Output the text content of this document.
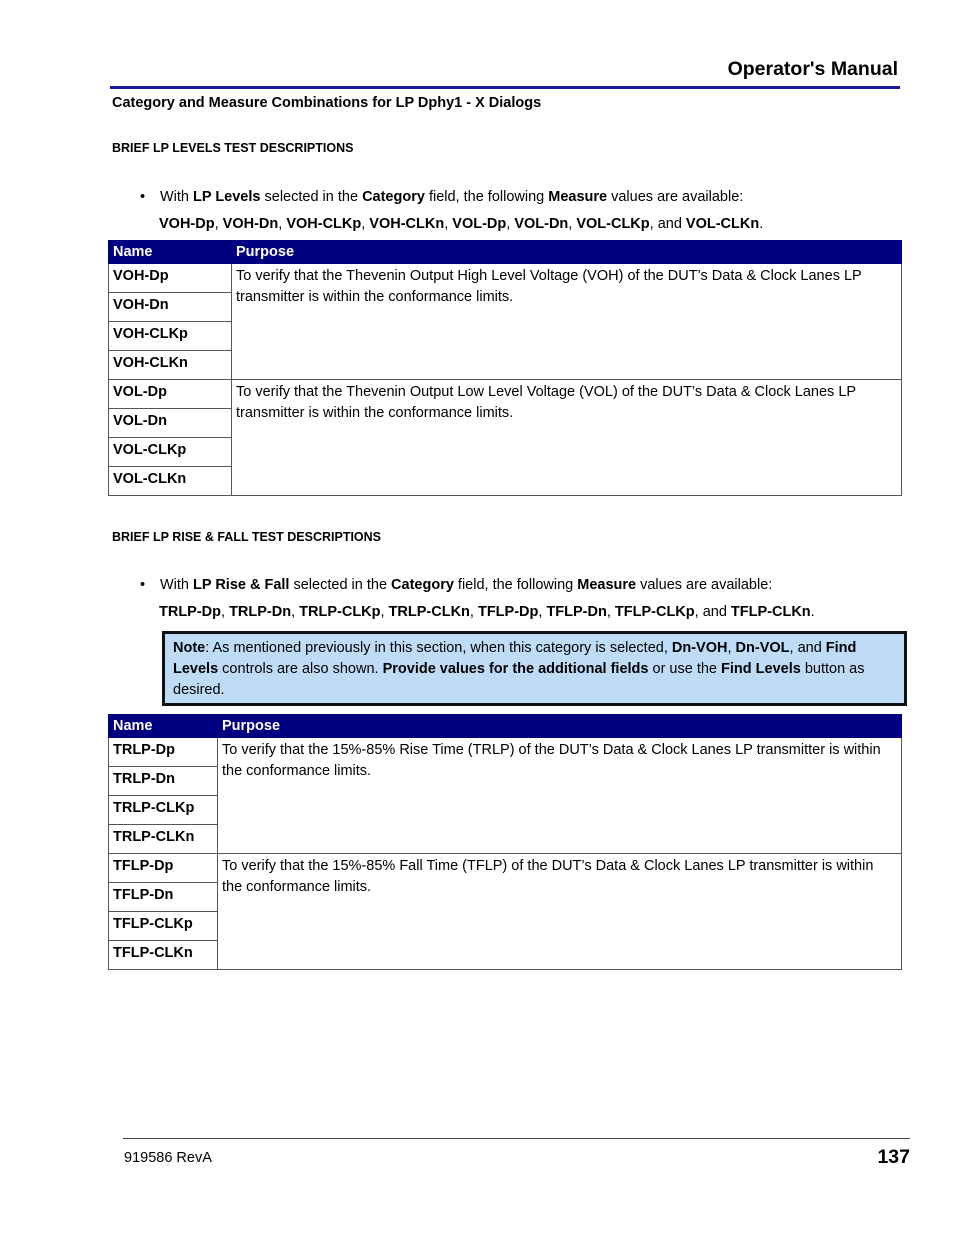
Operator's Manual
Category and Measure Combinations for LP Dphy1 - X Dialogs
BRIEF LP LEVELS TEST DESCRIPTIONS
• With LP Levels selected in the Category field, the following Measure values are available:
VOH-Dp, VOH-Dn, VOH-CLKp, VOH-CLKn, VOL-Dp, VOL-Dn, VOL-CLKp, and VOL-CLKn.
Name	Purpose
VOH-Dp	To verify that the Thevenin Output High Level Voltage (VOH) of the DUT’s Data & Clock Lanes LP transmitter is within the conformance limits.
VOH-Dn	
VOH-CLKp	
VOH-CLKn	
VOL-Dp	To verify that the Thevenin Output Low Level Voltage (VOL) of the DUT’s Data & Clock Lanes LP transmitter is within the conformance limits.
VOL-Dn	
VOL-CLKp	
VOL-CLKn	
BRIEF LP RISE & FALL TEST DESCRIPTIONS
• With LP Rise & Fall selected in the Category field, the following Measure values are available:
TRLP-Dp, TRLP-Dn, TRLP-CLKp, TRLP-CLKn, TFLP-Dp, TFLP-Dn, TFLP-CLKp, and TFLP-CLKn.
Note: As mentioned previously in this section, when this category is selected, Dn-VOH, Dn-VOL, and Find Levels controls are also shown. Provide values for the additional fields or use the Find Levels button as desired.
Name	Purpose
TRLP-Dp	To verify that the 15%-85% Rise Time (TRLP) of the DUT’s Data & Clock Lanes LP transmitter is within the conformance limits.
TRLP-Dn	
TRLP-CLKp	
TRLP-CLKn	
TFLP-Dp	To verify that the 15%-85% Fall Time (TFLP) of the DUT’s Data & Clock Lanes LP transmitter is within the conformance limits.
TFLP-Dn	
TFLP-CLKp	
TFLP-CLKn	
919586 RevA	137
